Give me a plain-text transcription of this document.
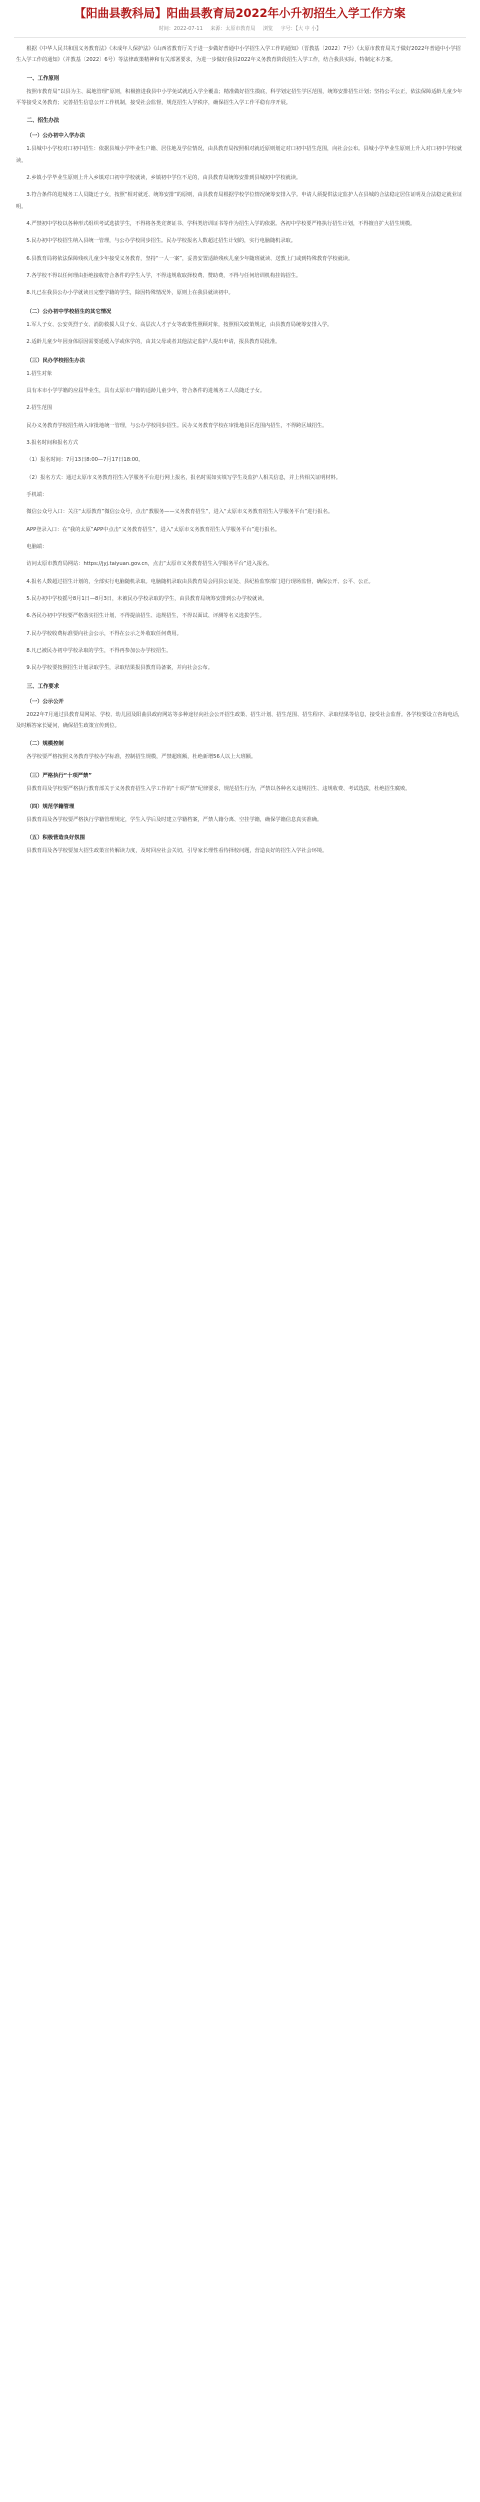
【阳曲县教科局】阳曲县教育局2022年小升初招生入学工作方案
时间：2022-07-11 来源：太原市教育局 浏览 字号：【大 中 小】

根据《中华人民共和国义务教育法》《未成年人保护法》《山西省教育厅关于进一步做好普通中小学招生入学工作的通知》（晋教基〔2022〕7号）《太原市教育局关于做好2022年普通中小学招生入学工作的通知》（并教基〔2022〕6号）等法律政策精神和有关部署要求，为进一步做好我县2022年义务教育阶段招生入学工作，结合我县实际，特制定本方案。

一、工作原则

按照市教育局“以县为主、属地管理”原则，积极推进我县中小学免试就近入学全覆盖；精准做好招生摸底，科学划定招生学区范围，统筹安排招生计划；坚持公平公正，依法保障适龄儿童少年平等接受义务教育；完善招生信息公开工作机制，接受社会监督，规范招生入学秩序，确保招生入学工作平稳有序开展。

二、招生办法
（一）公办初中入学办法

1.县城中小学校对口初中招生：依据县城小学毕业生户籍、居住地及学位情况，由县教育局按照相对就近原则划定对口初中招生范围，向社会公布。县城小学毕业生原则上升入对口初中学校就读。

2.乡镇小学毕业生原则上升入乡镇对口初中学校就读，乡镇初中学位不足的，由县教育局统筹安排到县城初中学校就读。

3.符合条件的进城务工人员随迁子女，按照“相对就近、统筹安排”的原则，由县教育局根据学校学位情况统筹安排入学。申请人须提供法定监护人在县城的合法稳定居住证明及合法稳定就业证明。

4.严禁初中学校以各种形式组织考试选拔学生，不得将各类竞赛证书、学科类培训证书等作为招生入学的依据。各初中学校要严格执行招生计划，不得擅自扩大招生规模。

5.民办初中学校招生纳入县统一管理，与公办学校同步招生。民办学校报名人数超过招生计划的，实行电脑随机录取。

6.县教育局将依法保障残疾儿童少年接受义务教育，坚持“一人一案”，妥善安置适龄残疾儿童少年随班就读、送教上门或到特殊教育学校就读。

7.各学校不得以任何理由拒绝接收符合条件的学生入学，不得违规收取择校费、赞助费，不得与任何培训机构挂钩招生。

8.凡已在我县公办小学就读且完整学籍的学生，除因特殊情况外，原则上在我县就读初中。

（二）公办初中学校招生的其它情况

1.军人子女、公安英烈子女、消防救援人员子女、高层次人才子女等政策性照顾对象，按照相关政策规定，由县教育局统筹安排入学。

2.适龄儿童少年因身体原因需要延缓入学或休学的，由其父母或者其他法定监护人提出申请，报县教育局批准。

（三）民办学校招生办法

1.招生对象

具有本市小学学籍的应届毕业生，具有太原市户籍的适龄儿童少年，符合条件的进城务工人员随迁子女。

2.招生范围

民办义务教育学校招生纳入审批地统一管理，与公办学校同步招生。民办义务教育学校在审批地县区范围内招生，不得跨区域招生。

3.报名时间和报名方式

（1）报名时间：7月13日8:00—7月17日18:00。

（2）报名方式：通过太原市义务教育招生入学服务平台进行网上报名，报名时需如实填写学生及监护人相关信息，并上传相关证明材料。

手机端：

微信公众号入口：关注“太原教育”微信公众号，点击“教服务——义务教育招生”，进入“太原市义务教育招生入学服务平台”进行报名。

APP登录入口：在“我的太原”APP中点击“义务教育招生”，进入“太原市义务教育招生入学服务平台”进行报名。

电脑端：

访问太原市教育局网站：https://jyj.taiyuan.gov.cn，点击“太原市义务教育招生入学服务平台”进入报名。

4.报名人数超过招生计划的，全部实行电脑随机录取。电脑随机录取由县教育局会同县公证处、县纪检监察部门进行现场监督，确保公开、公平、公正。

5.民办初中学校摇号8月1日—8月3日，未被民办学校录取的学生，由县教育局统筹安排到公办学校就读。

6.各民办初中学校要严格落实招生计划，不得提前招生、违规招生，不得以面试、评测等名义选拔学生。

7.民办学校收费标准要向社会公示，不得在公示之外收取任何费用。

8.凡已被民办初中学校录取的学生，不得再参加公办学校招生。

9.民办学校要按照招生计划录取学生，录取结果报县教育局备案，并向社会公布。

三、工作要求
（一）公示公开

2022年7月通过县教育局网站、学校、幼儿园及阳曲县政府网站等多种途径向社会公开招生政策、招生计划、招生范围、招生程序、录取结果等信息，接受社会监督。各学校要设立咨询电话，及时解答家长疑问，确保招生政策宣传到位。

（二）规模控制

各学校要严格按照义务教育学校办学标准，控制招生规模，严禁超班额，杜绝新增56人以上大班额。

（三）严格执行“十项严禁”

县教育局及学校要严格执行教育部关于义务教育招生入学工作的“十项严禁”纪律要求，规范招生行为，严禁以各种名义违规招生、违规收费、考试选拔，杜绝招生腐败。

（四）规范学籍管理

县教育局及各学校要严格执行学籍管理规定，学生入学后及时建立学籍档案，严禁人籍分离、空挂学籍，确保学籍信息真实准确。

（五）积极营造良好氛围

县教育局及各学校要加大招生政策宣传解读力度，及时回应社会关切，引导家长理性看待择校问题，营造良好的招生入学社会环境。
